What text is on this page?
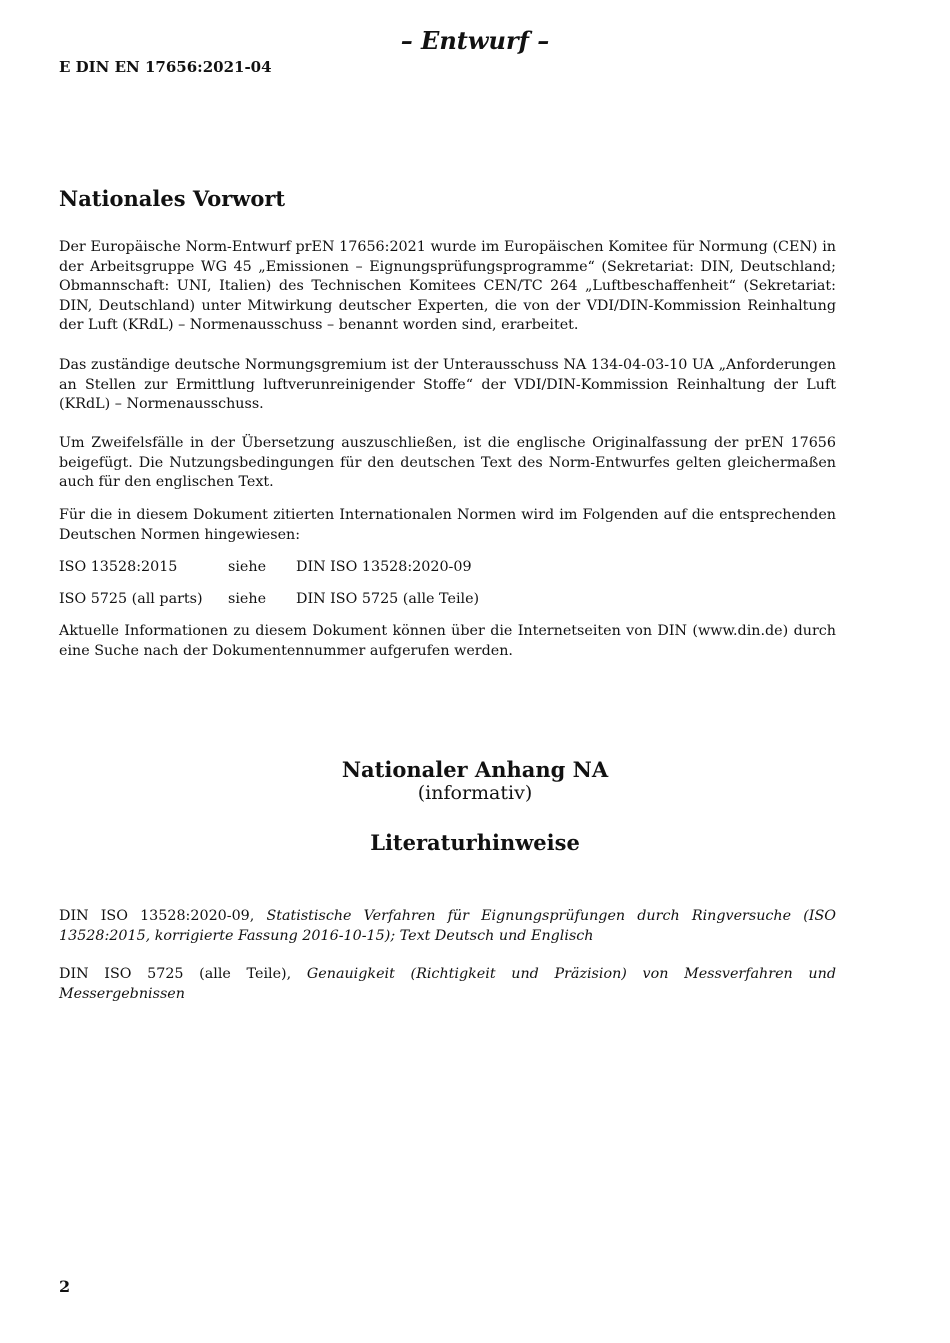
– Entwurf –
E DIN EN 17656:2021-04
Nationales Vorwort

Der Europäische Norm-Entwurf prEN 17656:2021 wurde im Europäischen Komitee für Normung (CEN) in der Arbeitsgruppe WG 45 „Emissionen – Eignungsprüfungsprogramme“ (Sekretariat: DIN, Deutschland; Obmannschaft: UNI, Italien) des Technischen Komitees CEN/TC 264 „Luftbeschaffenheit“ (Sekretariat: DIN, Deutschland) unter Mitwirkung deutscher Experten, die von der VDI/DIN-Kommission Reinhaltung der Luft (KRdL) – Normenausschuss – benannt worden sind, erarbeitet.

Das zuständige deutsche Normungsgremium ist der Unterausschuss NA 134-04-03-10 UA „Anforderungen an Stellen zur Ermittlung luftverunreinigender Stoffe“ der VDI/DIN-Kommission Reinhaltung der Luft (KRdL) – Normenausschuss.

Um Zweifelsfälle in der Übersetzung auszuschließen, ist die englische Originalfassung der prEN 17656 beigefügt. Die Nutzungsbedingungen für den deutschen Text des Norm-Entwurfes gelten gleichermaßen auch für den englischen Text.

Für die in diesem Dokument zitierten Internationalen Normen wird im Folgenden auf die entsprechenden Deutschen Normen hingewiesen:

ISO 13528:2015	siehe DIN ISO 13528:2020-09
ISO 5725 (all parts) siehe DIN ISO 5725 (alle Teile)

Aktuelle Informationen zu diesem Dokument können über die Internetseiten von DIN (www.din.de) durch eine Suche nach der Dokumentennummer aufgerufen werden.

Nationaler Anhang NA
(informativ)
Literaturhinweise

DIN ISO 13528:2020-09, Statistische Verfahren für Eignungsprüfungen durch Ringversuche (ISO 13528:2015, korrigierte Fassung 2016-10-15); Text Deutsch und Englisch

DIN ISO 5725 (alle Teile), Genauigkeit (Richtigkeit und Präzision) von Messverfahren und Messergebnissen

2
